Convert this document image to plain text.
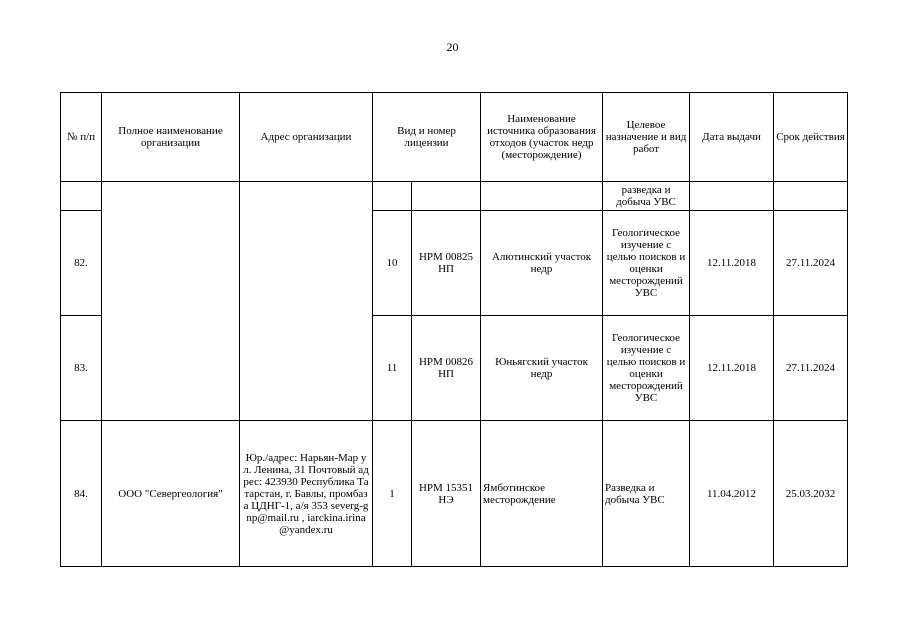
20
№ п/п	Полное наименование организации	Адрес организации	Вид и номер лицензии		Наименование источника образования отходов (участок недр (месторождение)	Целевое назначение и вид работ	Дата выдачи	Срок действия
						разведка и добыча УВС		
82.			10	НРМ 00825 НП	Алютинский участок недр	Геологическое изучение с целью поисков и оценки месторождений УВС	12.11.2018	27.11.2024
83.			11	НРМ 00826 НП	Юньягский участок недр	Геологическое изучение с целью поисков и оценки месторождений УВС	12.11.2018	27.11.2024
84.	ООО "Севергеология"	Юр./адрес: Нарьян-Мар ул. Ленина, 31 Почтовый адрес: 423930 Республика Татарстан, г. Бавлы, промбаза ЦДНГ-1, а/я 353 severg-gnp@mail.ru , iarckina.irina@yandex.ru	1	НРМ 15351 НЭ	Ямботинское месторождение	Разведка и добыча УВС	11.04.2012	25.03.2032
